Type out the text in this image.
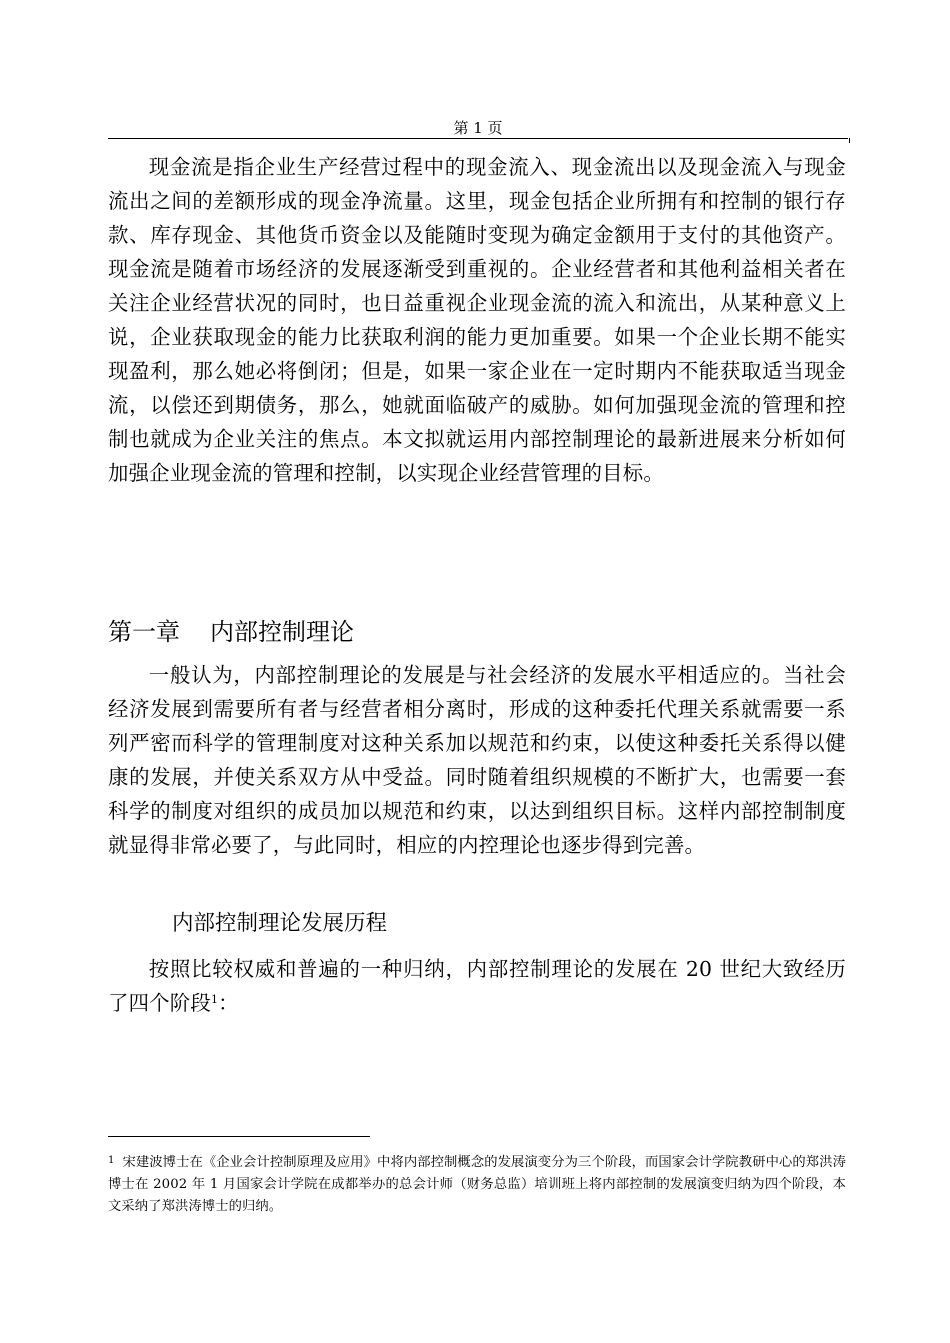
第 1 页

现金流是指企业生产经营过程中的现金流入、现金流出以及现金流入与现金流出之间的差额形成的现金净流量。这里，现金包括企业所拥有和控制的银行存款、库存现金、其他货币资金以及能随时变现为确定金额用于支付的其他资产。现金流是随着市场经济的发展逐渐受到重视的。企业经营者和其他利益相关者在关注企业经营状况的同时，也日益重视企业现金流的流入和流出，从某种意义上说，企业获取现金的能力比获取利润的能力更加重要。如果一个企业长期不能实现盈利，那么她必将倒闭；但是，如果一家企业在一定时期内不能获取适当现金流，以偿还到期债务，那么，她就面临破产的威胁。如何加强现金流的管理和控制也就成为企业关注的焦点。本文拟就运用内部控制理论的最新进展来分析如何加强企业现金流的管理和控制，以实现企业经营管理的目标。

第一章 内部控制理论

一般认为，内部控制理论的发展是与社会经济的发展水平相适应的。当社会经济发展到需要所有者与经营者相分离时，形成的这种委托代理关系就需要一系列严密而科学的管理制度对这种关系加以规范和约束，以使这种委托关系得以健康的发展，并使关系双方从中受益。同时随着组织规模的不断扩大，也需要一套科学的制度对组织的成员加以规范和约束，以达到组织目标。这样内部控制制度就显得非常必要了，与此同时，相应的内控理论也逐步得到完善。

内部控制理论发展历程

按照比较权威和普遍的一种归纳，内部控制理论的发展在 20 世纪大致经历了四个阶段$^1$：

$^1$ 宋建波博士在《企业会计控制原理及应用》中将内部控制概念的发展演变分为三个阶段，而国家会计学院教研中心的郑洪涛博士在 2002 年 1 月国家会计学院在成都举办的总会计师（财务总监）培训班上将内部控制的发展演变归纳为四个阶段，本文采纳了郑洪涛博士的归纳。
